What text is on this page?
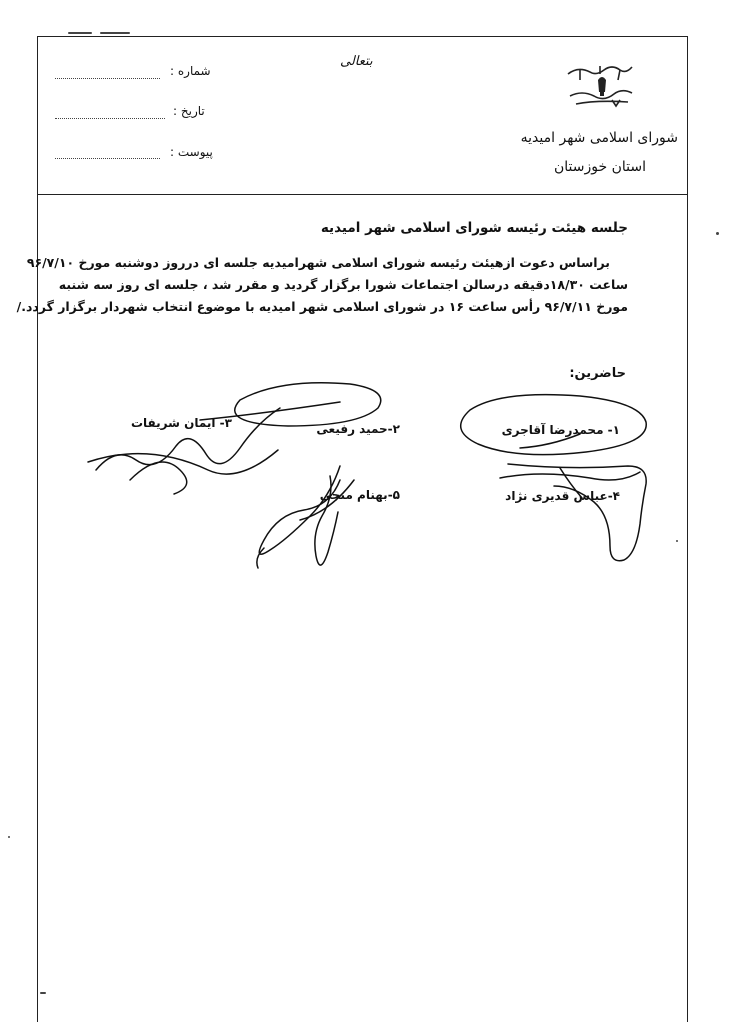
شماره :
تاریخ :
پیوست :
بتعالی
شورای اسلامی شهر امیدیه
استان خوزستان
جلسه هیئت رئیسه شورای اسلامی شهر امیدیه
براساس دعوت ازهیئت رئیسه شورای اسلامی شهرامیدیه جلسه ای درروز دوشنبه مورخ ۹۶/۷/۱۰
ساعت ۱۸/۳۰دقیقه درسالن اجتماعات شورا برگزار گردید و مقرر شد ، جلسه ای روز سه شنبه
مورخ ۹۶/۷/۱۱ رأس ساعت ۱۶ در شورای اسلامی شهر امیدیه با موضوع انتخاب شهردار برگزار گردد./
حاضرین:
۱- محمدرضا آقاجری
۲-حمید رفیعی
۳- ایمان شریفات
۴-عباس قدیری نژاد
۵-بهنام منجی
